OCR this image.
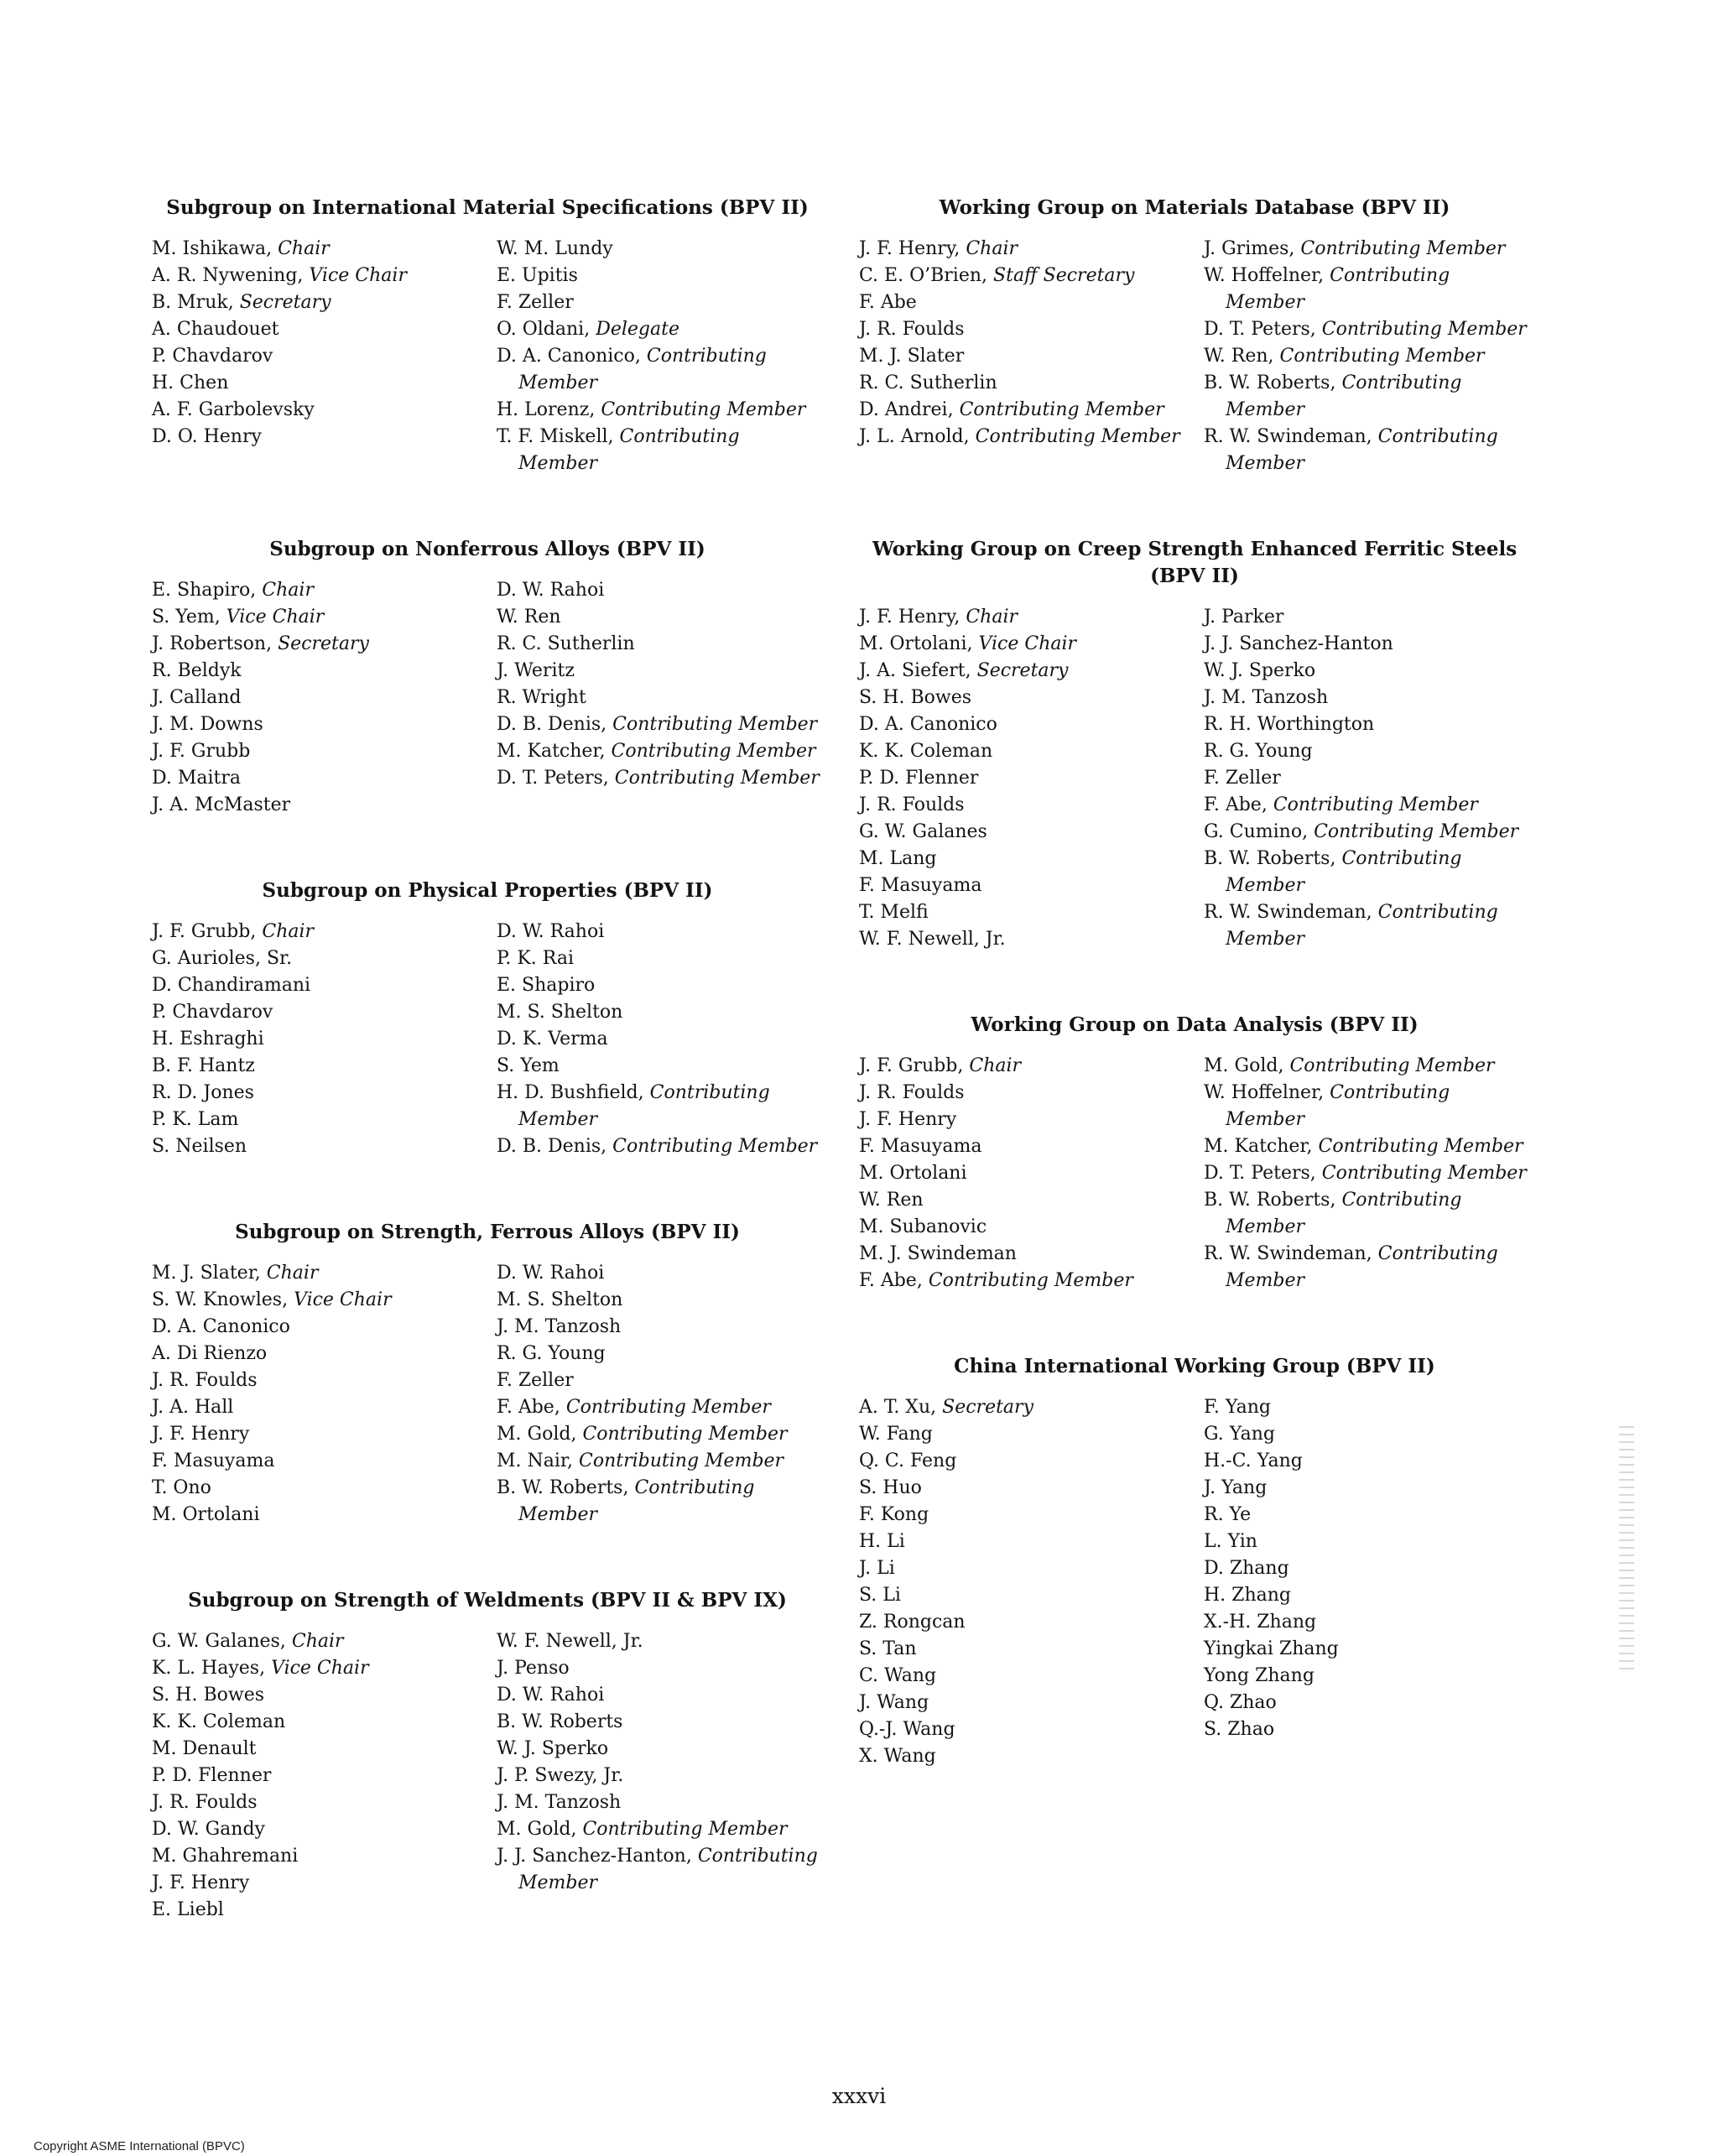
Subgroup on International Material Specifications (BPV II)
M. Ishikawa, Chair
A. R. Nywening, Vice Chair
B. Mruk, Secretary
A. Chaudouet
P. Chavdarov
H. Chen
A. F. Garbolevsky
D. O. Henry
W. M. Lundy
E. Upitis
F. Zeller
O. Oldani, Delegate
D. A. Canonico, Contributing Member
H. Lorenz, Contributing Member
T. F. Miskell, Contributing Member
Subgroup on Nonferrous Alloys (BPV II)
E. Shapiro, Chair
S. Yem, Vice Chair
J. Robertson, Secretary
R. Beldyk
J. Calland
J. M. Downs
J. F. Grubb
D. Maitra
J. A. McMaster
D. W. Rahoi
W. Ren
R. C. Sutherlin
J. Weritz
R. Wright
D. B. Denis, Contributing Member
M. Katcher, Contributing Member
D. T. Peters, Contributing Member
Subgroup on Physical Properties (BPV II)
J. F. Grubb, Chair
G. Aurioles, Sr.
D. Chandiramani
P. Chavdarov
H. Eshraghi
B. F. Hantz
R. D. Jones
P. K. Lam
S. Neilsen
D. W. Rahoi
P. K. Rai
E. Shapiro
M. S. Shelton
D. K. Verma
S. Yem
H. D. Bushfield, Contributing Member
D. B. Denis, Contributing Member
Subgroup on Strength, Ferrous Alloys (BPV II)
M. J. Slater, Chair
S. W. Knowles, Vice Chair
D. A. Canonico
A. Di Rienzo
J. R. Foulds
J. A. Hall
J. F. Henry
F. Masuyama
T. Ono
M. Ortolani
D. W. Rahoi
M. S. Shelton
J. M. Tanzosh
R. G. Young
F. Zeller
F. Abe, Contributing Member
M. Gold, Contributing Member
M. Nair, Contributing Member
B. W. Roberts, Contributing Member
Subgroup on Strength of Weldments (BPV II & BPV IX)
G. W. Galanes, Chair
K. L. Hayes, Vice Chair
S. H. Bowes
K. K. Coleman
M. Denault
P. D. Flenner
J. R. Foulds
D. W. Gandy
M. Ghahremani
J. F. Henry
E. Liebl
W. F. Newell, Jr.
J. Penso
D. W. Rahoi
B. W. Roberts
W. J. Sperko
J. P. Swezy, Jr.
J. M. Tanzosh
M. Gold, Contributing Member
J. J. Sanchez-Hanton, Contributing Member
Working Group on Materials Database (BPV II)
J. F. Henry, Chair
C. E. O’Brien, Staff Secretary
F. Abe
J. R. Foulds
M. J. Slater
R. C. Sutherlin
D. Andrei, Contributing Member
J. L. Arnold, Contributing Member
J. Grimes, Contributing Member
W. Hoffelner, Contributing Member
D. T. Peters, Contributing Member
W. Ren, Contributing Member
B. W. Roberts, Contributing Member
R. W. Swindeman, Contributing Member
Working Group on Creep Strength Enhanced Ferritic Steels (BPV II)
J. F. Henry, Chair
M. Ortolani, Vice Chair
J. A. Siefert, Secretary
S. H. Bowes
D. A. Canonico
K. K. Coleman
P. D. Flenner
J. R. Foulds
G. W. Galanes
M. Lang
F. Masuyama
T. Melfi
W. F. Newell, Jr.
J. Parker
J. J. Sanchez-Hanton
W. J. Sperko
J. M. Tanzosh
R. H. Worthington
R. G. Young
F. Zeller
F. Abe, Contributing Member
G. Cumino, Contributing Member
B. W. Roberts, Contributing Member
R. W. Swindeman, Contributing Member
Working Group on Data Analysis (BPV II)
J. F. Grubb, Chair
J. R. Foulds
J. F. Henry
F. Masuyama
M. Ortolani
W. Ren
M. Subanovic
M. J. Swindeman
F. Abe, Contributing Member
M. Gold, Contributing Member
W. Hoffelner, Contributing Member
M. Katcher, Contributing Member
D. T. Peters, Contributing Member
B. W. Roberts, Contributing Member
R. W. Swindeman, Contributing Member
China International Working Group (BPV II)
A. T. Xu, Secretary
W. Fang
Q. C. Feng
S. Huo
F. Kong
H. Li
J. Li
S. Li
Z. Rongcan
S. Tan
C. Wang
J. Wang
Q.-J. Wang
X. Wang
F. Yang
G. Yang
H.-C. Yang
J. Yang
R. Ye
L. Yin
D. Zhang
H. Zhang
X.-H. Zhang
Yingkai Zhang
Yong Zhang
Q. Zhao
S. Zhao
xxxvi
Copyright ASME International (BPVC)
